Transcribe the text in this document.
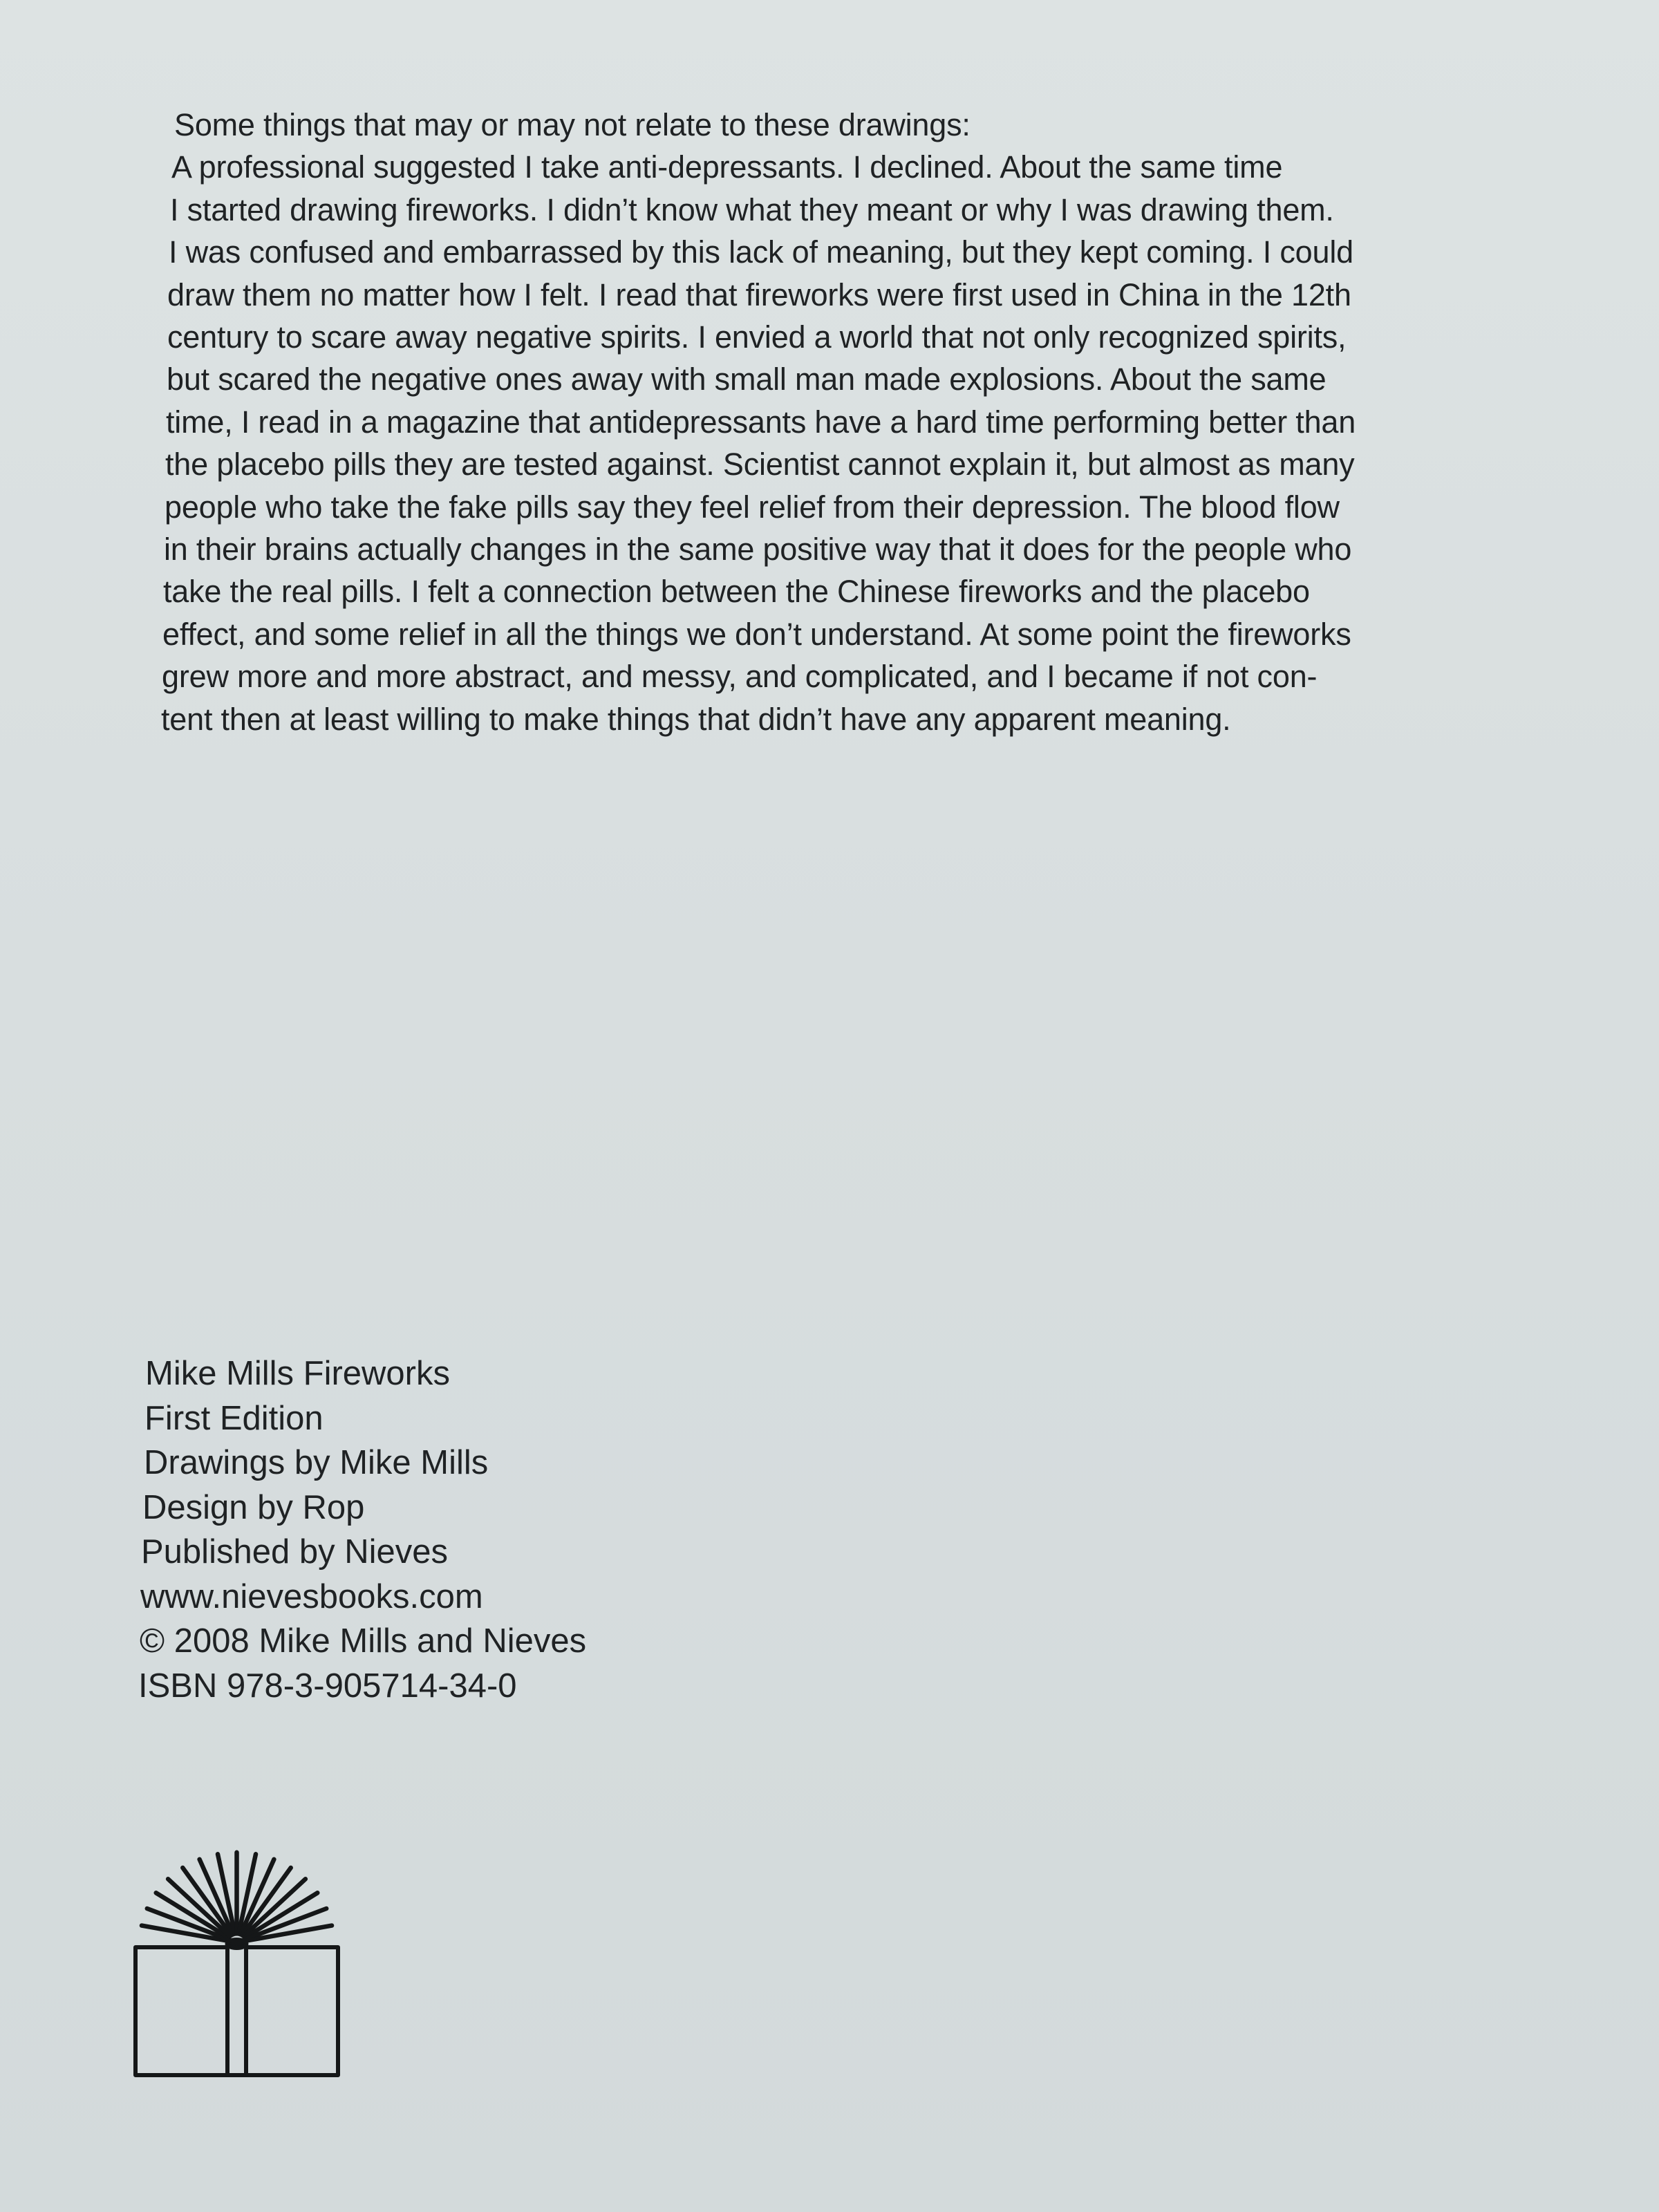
Some things that may or may not relate to these drawings:
A professional suggested I take anti-depressants. I declined. About the same time
I started drawing fireworks. I didn’t know what they meant or why I was drawing them.
I was confused and embarrassed by this lack of meaning, but they kept coming. I could
draw them no matter how I felt. I read that fireworks were first used in China in the 12th
century to scare away negative spirits. I envied a world that not only recognized spirits,
but scared the negative ones away with small man made explosions. About the same
time, I read in a magazine that antidepressants have a hard time performing better than
the placebo pills they are tested against. Scientist cannot explain it, but almost as many
people who take the fake pills say they feel relief from their depression. The blood flow
in their brains actually changes in the same positive way that it does for the people who
take the real pills. I felt a connection between the Chinese fireworks and the placebo
effect, and some relief in all the things we don’t understand. At some point the fireworks
grew more and more abstract, and messy, and complicated, and I became if not con-
tent then at least willing to make things that didn’t have any apparent meaning.
Mike Mills Fireworks
First Edition
Drawings by Mike Mills
Design by Rop
Published by Nieves
www.nievesbooks.com
© 2008 Mike Mills and Nieves
ISBN 978-3-905714-34-0
